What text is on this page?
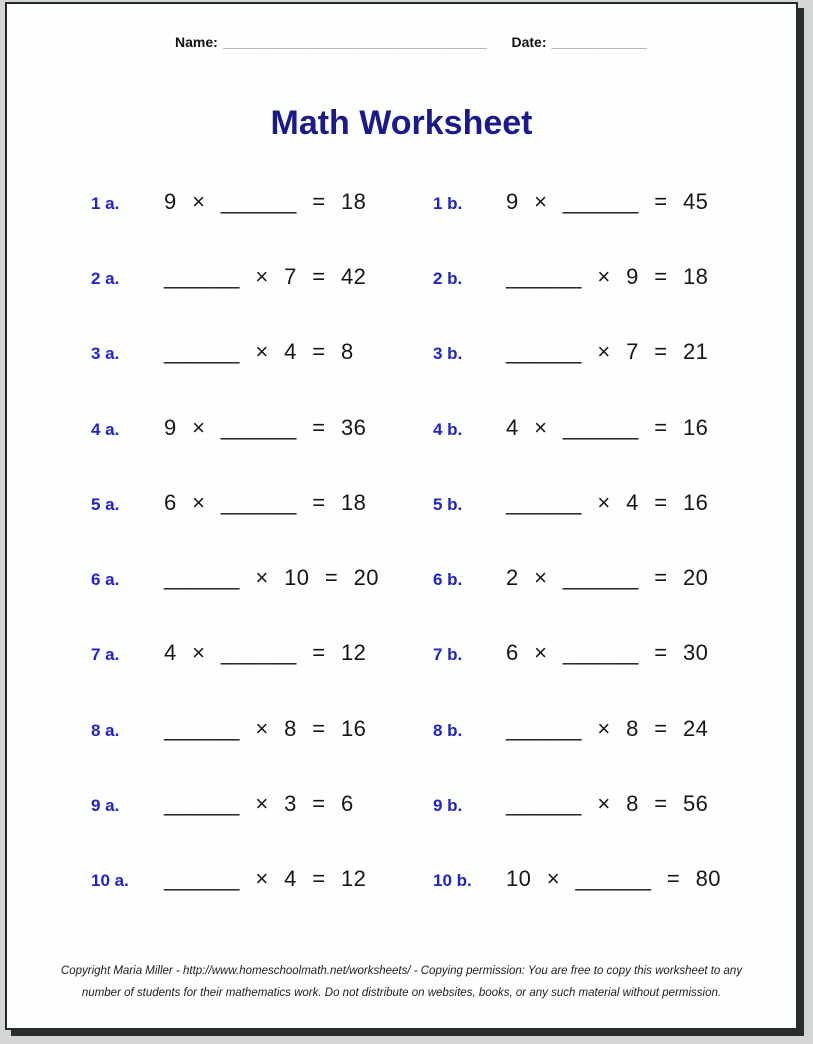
Name: _______________________________________ Date: ______________
Math Worksheet
1 a.	9 × ______ = 18	1 b.	9 × ______ = 45
2 a.	______ × 7 = 42	2 b.	______ × 9 = 18
3 a.	______ × 4 = 8	3 b.	______ × 7 = 21
4 a.	9 × ______ = 36	4 b.	4 × ______ = 16
5 a.	6 × ______ = 18	5 b.	______ × 4 = 16
6 a.	______ × 10 = 20	6 b.	2 × ______ = 20
7 a.	4 × ______ = 12	7 b.	6 × ______ = 30
8 a.	______ × 8 = 16	8 b.	______ × 8 = 24
9 a.	______ × 3 = 6	9 b.	______ × 8 = 56
10 a.	______ × 4 = 12	10 b.	10 × ______ = 80
Copyright Maria Miller - http://www.homeschoolmath.net/worksheets/ - Copying permission: You are free to copy this worksheet to any number of students for their mathematics work. Do not distribute on websites, books, or any such material without permission.
